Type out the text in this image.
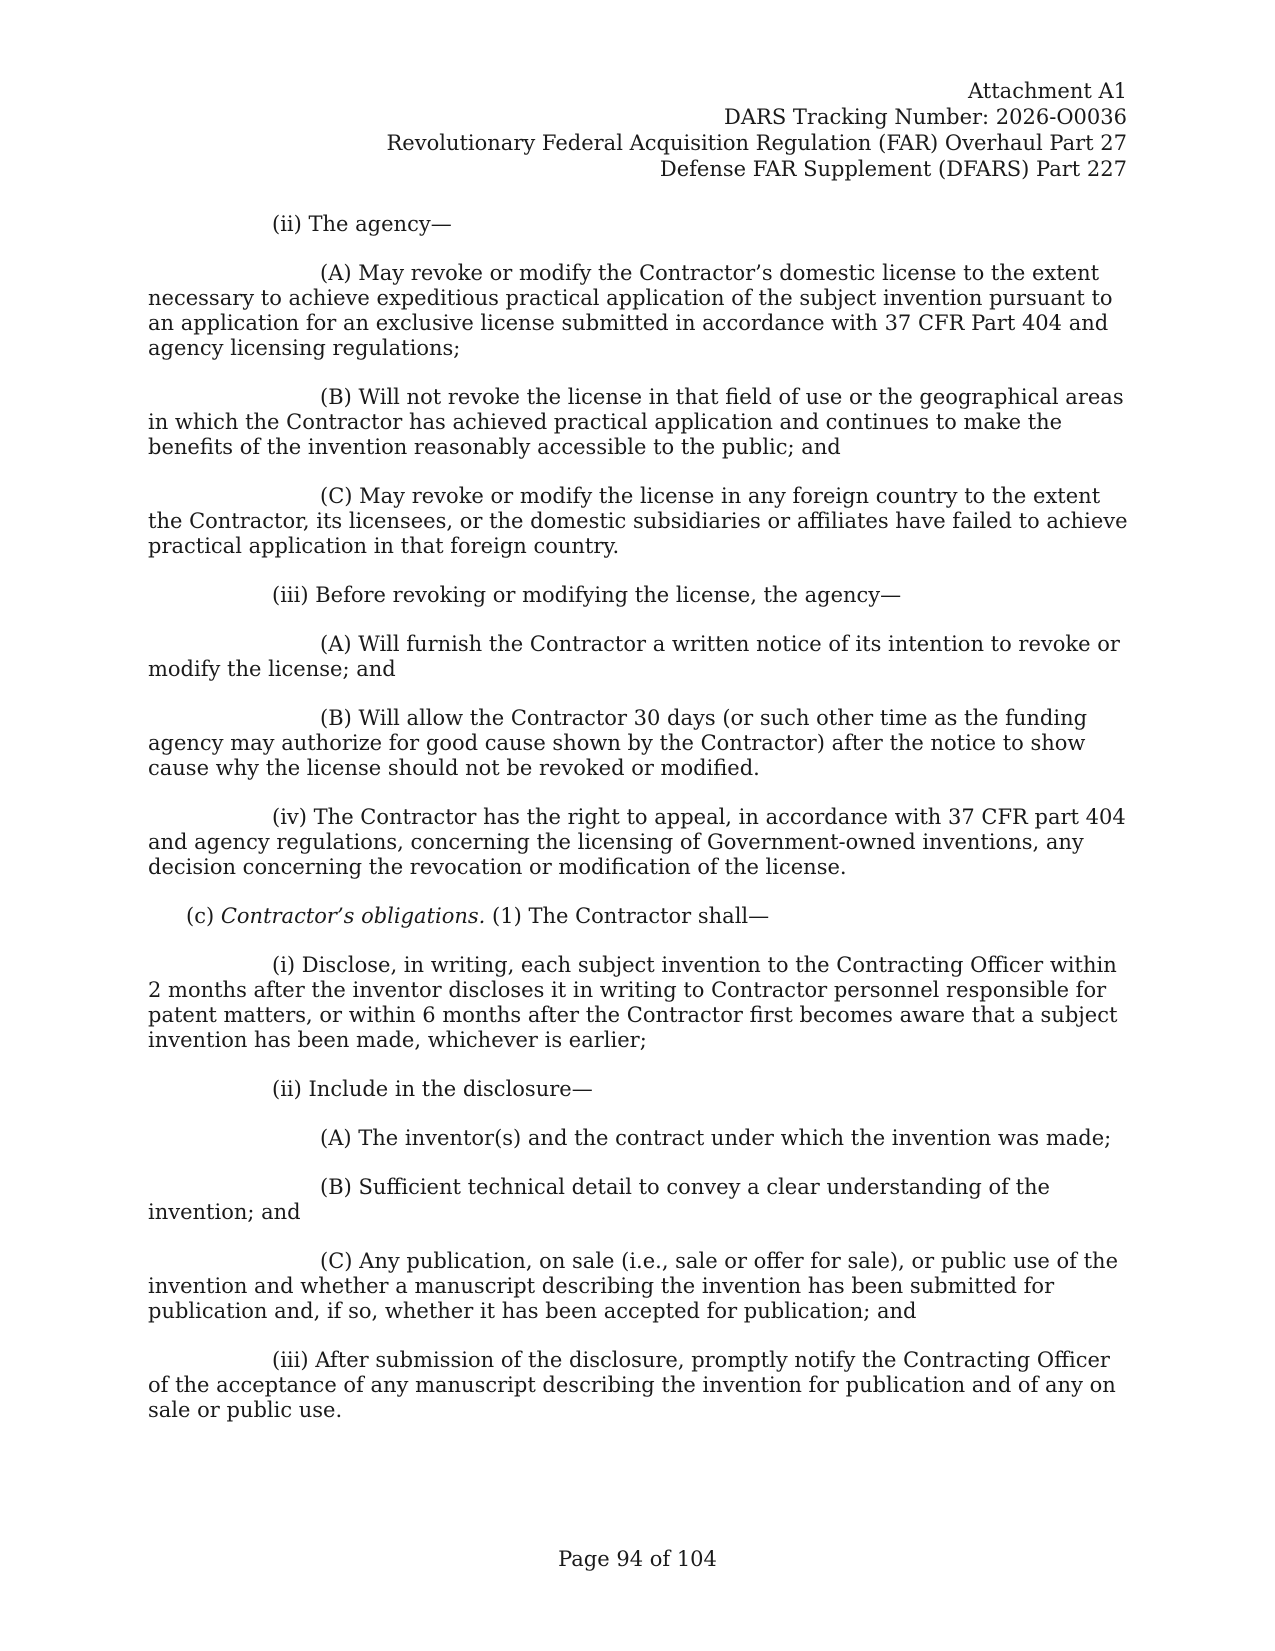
Attachment A1
DARS Tracking Number: 2026-O0036
Revolutionary Federal Acquisition Regulation (FAR) Overhaul Part 27
Defense FAR Supplement (DFARS) Part 227

(ii) The agency—

(A) May revoke or modify the Contractor’s domestic license to the extent necessary to achieve expeditious practical application of the subject invention pursuant to an application for an exclusive license submitted in accordance with 37 CFR Part 404 and agency licensing regulations;

(B) Will not revoke the license in that field of use or the geographical areas in which the Contractor has achieved practical application and continues to make the benefits of the invention reasonably accessible to the public; and

(C) May revoke or modify the license in any foreign country to the extent the Contractor, its licensees, or the domestic subsidiaries or affiliates have failed to achieve practical application in that foreign country.

(iii) Before revoking or modifying the license, the agency—

(A) Will furnish the Contractor a written notice of its intention to revoke or modify the license; and

(B) Will allow the Contractor 30 days (or such other time as the funding agency may authorize for good cause shown by the Contractor) after the notice to show cause why the license should not be revoked or modified.

(iv) The Contractor has the right to appeal, in accordance with 37 CFR part 404 and agency regulations, concerning the licensing of Government-owned inventions, any decision concerning the revocation or modification of the license.

(c) Contractor’s obligations. (1) The Contractor shall—

(i) Disclose, in writing, each subject invention to the Contracting Officer within 2 months after the inventor discloses it in writing to Contractor personnel responsible for patent matters, or within 6 months after the Contractor first becomes aware that a subject invention has been made, whichever is earlier;

(ii) Include in the disclosure—

(A) The inventor(s) and the contract under which the invention was made;

(B) Sufficient technical detail to convey a clear understanding of the invention; and

(C) Any publication, on sale (i.e., sale or offer for sale), or public use of the invention and whether a manuscript describing the invention has been submitted for publication and, if so, whether it has been accepted for publication; and

(iii) After submission of the disclosure, promptly notify the Contracting Officer of the acceptance of any manuscript describing the invention for publication and of any on sale or public use.

Page 94 of 104
